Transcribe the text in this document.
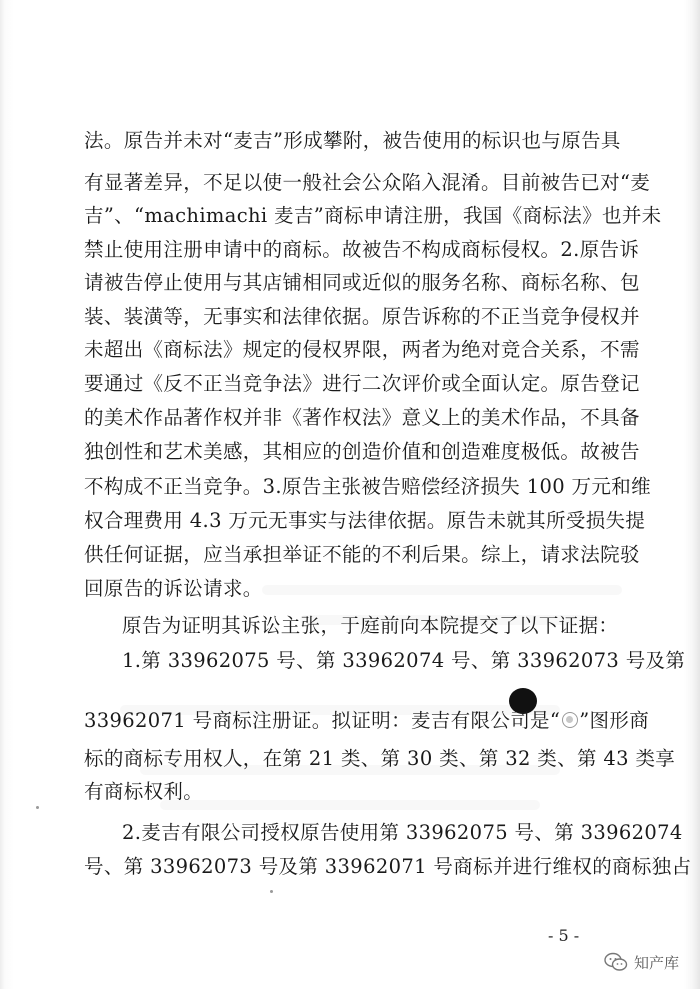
法。原告并未对“麦吉”形成攀附，被告使用的标识也与原告具
有显著差异，不足以使一般社会公众陷入混淆。目前被告已对“麦
吉”、“machimachi 麦吉”商标申请注册，我国《商标法》也并未
禁止使用注册申请中的商标。故被告不构成商标侵权。2.原告诉
请被告停止使用与其店铺相同或近似的服务名称、商标名称、包
装、装潢等，无事实和法律依据。原告诉称的不正当竞争侵权并
未超出《商标法》规定的侵权界限，两者为绝对竞合关系，不需
要通过《反不正当竞争法》进行二次评价或全面认定。原告登记
的美术作品著作权并非《著作权法》意义上的美术作品，不具备
独创性和艺术美感，其相应的创造价值和创造难度极低。故被告
不构成不正当竞争。3.原告主张被告赔偿经济损失 100 万元和维
权合理费用 4.3 万元无事实与法律依据。原告未就其所受损失提
供任何证据，应当承担举证不能的不利后果。综上，请求法院驳
回原告的诉讼请求。
原告为证明其诉讼主张，于庭前向本院提交了以下证据：
1.第 33962075 号、第 33962074 号、第 33962073 号及第
33962071 号商标注册证。拟证明：麦吉有限公司是“ ”图形商
标的商标专用权人，在第 21 类、第 30 类、第 32 类、第 43 类享
有商标权利。
2.麦吉有限公司授权原告使用第 33962075 号、第 33962074
号、第 33962073 号及第 33962071 号商标并进行维权的商标独占
- 5 -
知产库
